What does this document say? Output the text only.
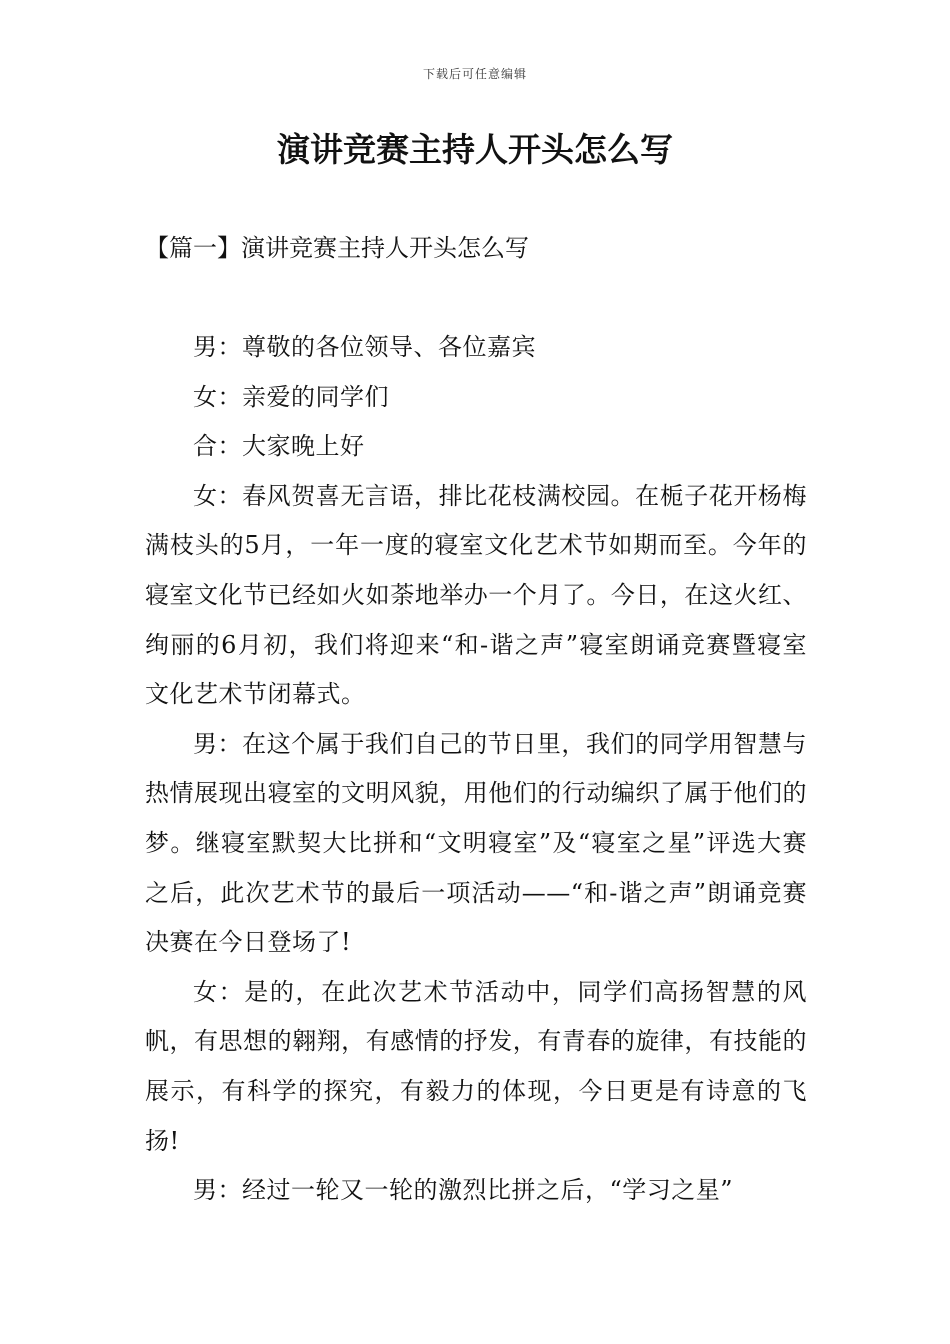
下载后可任意编辑
演讲竞赛主持人开头怎么写
【篇一】演讲竞赛主持人开头怎么写

男：尊敬的各位领导、各位嘉宾

女：亲爱的同学们

合：大家晚上好

女：春风贺喜无言语，排比花枝满校园。在栀子花开杨梅满枝头的5月，一年一度的寝室文化艺术节如期而至。今年的寝室文化节已经如火如荼地举办一个月了。今日，在这火红、绚丽的6月初，我们将迎来“和-谐之声”寝室朗诵竞赛暨寝室文化艺术节闭幕式。

男：在这个属于我们自己的节日里，我们的同学用智慧与热情展现出寝室的文明风貌，用他们的行动编织了属于他们的梦。继寝室默契大比拼和“文明寝室”及“寝室之星”评选大赛之后，此次艺术节的最后一项活动——“和-谐之声”朗诵竞赛决赛在今日登场了!

女：是的，在此次艺术节活动中，同学们高扬智慧的风帆，有思想的翱翔，有感情的抒发，有青春的旋律，有技能的展示，有科学的探究，有毅力的体现，今日更是有诗意的飞扬!

男：经过一轮又一轮的激烈比拼之后，“学习之星”
